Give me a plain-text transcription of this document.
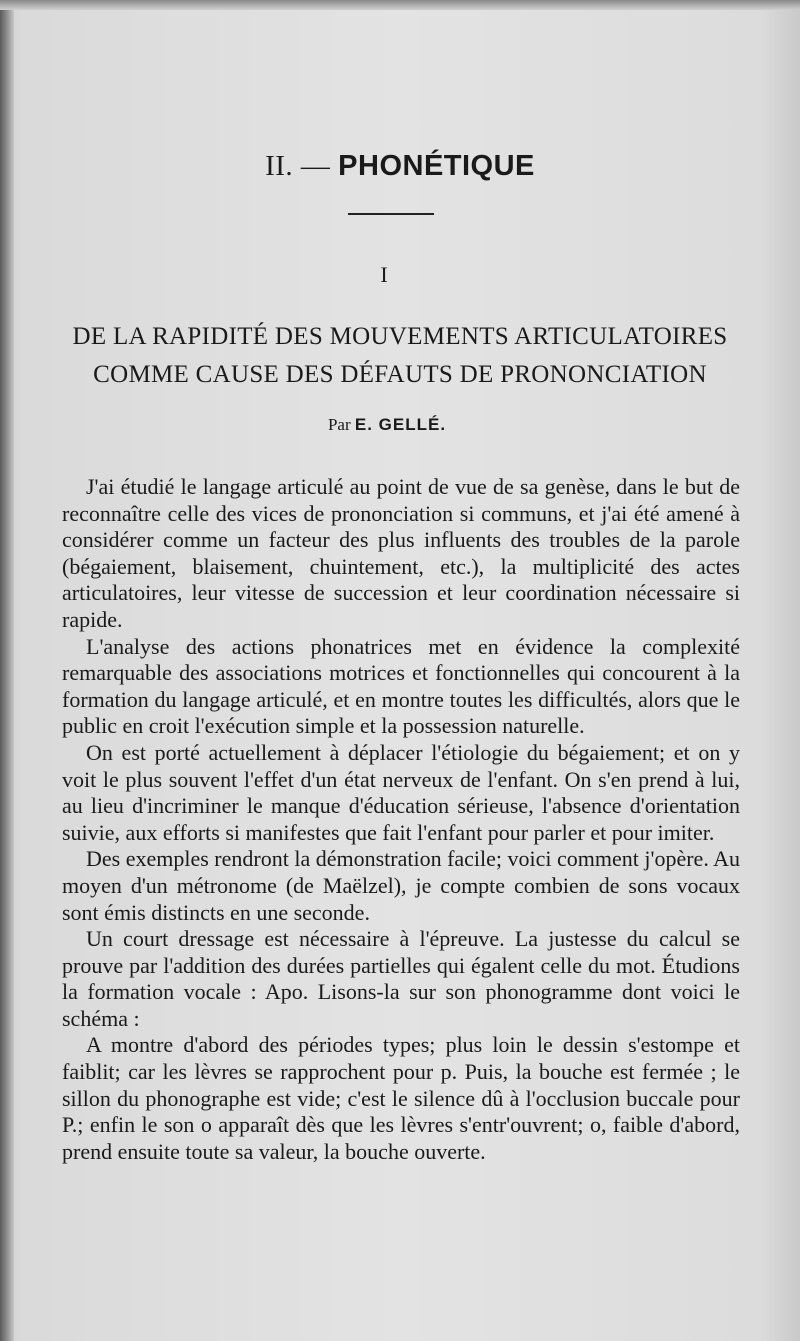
II. — PHONÉTIQUE
I
DE LA RAPIDITÉ DES MOUVEMENTS ARTICULATOIRES
COMME CAUSE DES DÉFAUTS DE PRONONCIATION
Par E. GELLÉ.

J'ai étudié le langage articulé au point de vue de sa genèse, dans le but de reconnaître celle des vices de prononciation si communs, et j'ai été amené à considérer comme un facteur des plus influents des troubles de la parole (bégaiement, blaisement, chuintement, etc.), la multiplicité des actes articulatoires, leur vitesse de succession et leur coordination nécessaire si rapide.

L'analyse des actions phonatrices met en évidence la complexité remarquable des associations motrices et fonctionnelles qui concourent à la formation du langage articulé, et en montre toutes les difficultés, alors que le public en croit l'exécution simple et la possession naturelle.

On est porté actuellement à déplacer l'étiologie du bégaiement; et on y voit le plus souvent l'effet d'un état nerveux de l'enfant. On s'en prend à lui, au lieu d'incriminer le manque d'éducation sérieuse, l'absence d'orientation suivie, aux efforts si manifestes que fait l'enfant pour parler et pour imiter.

Des exemples rendront la démonstration facile; voici comment j'opère. Au moyen d'un métronome (de Maëlzel), je compte combien de sons vocaux sont émis distincts en une seconde.

Un court dressage est nécessaire à l'épreuve. La justesse du calcul se prouve par l'addition des durées partielles qui égalent celle du mot. Étudions la formation vocale : Apo. Lisons-la sur son phonogramme dont voici le schéma :

A montre d'abord des périodes types; plus loin le dessin s'estompe et faiblit; car les lèvres se rapprochent pour p. Puis, la bouche est fermée ; le sillon du phonographe est vide; c'est le silence dû à l'occlusion buccale pour P.; enfin le son o apparaît dès que les lèvres s'entr'ouvrent; o, faible d'abord, prend ensuite toute sa valeur, la bouche ouverte.
